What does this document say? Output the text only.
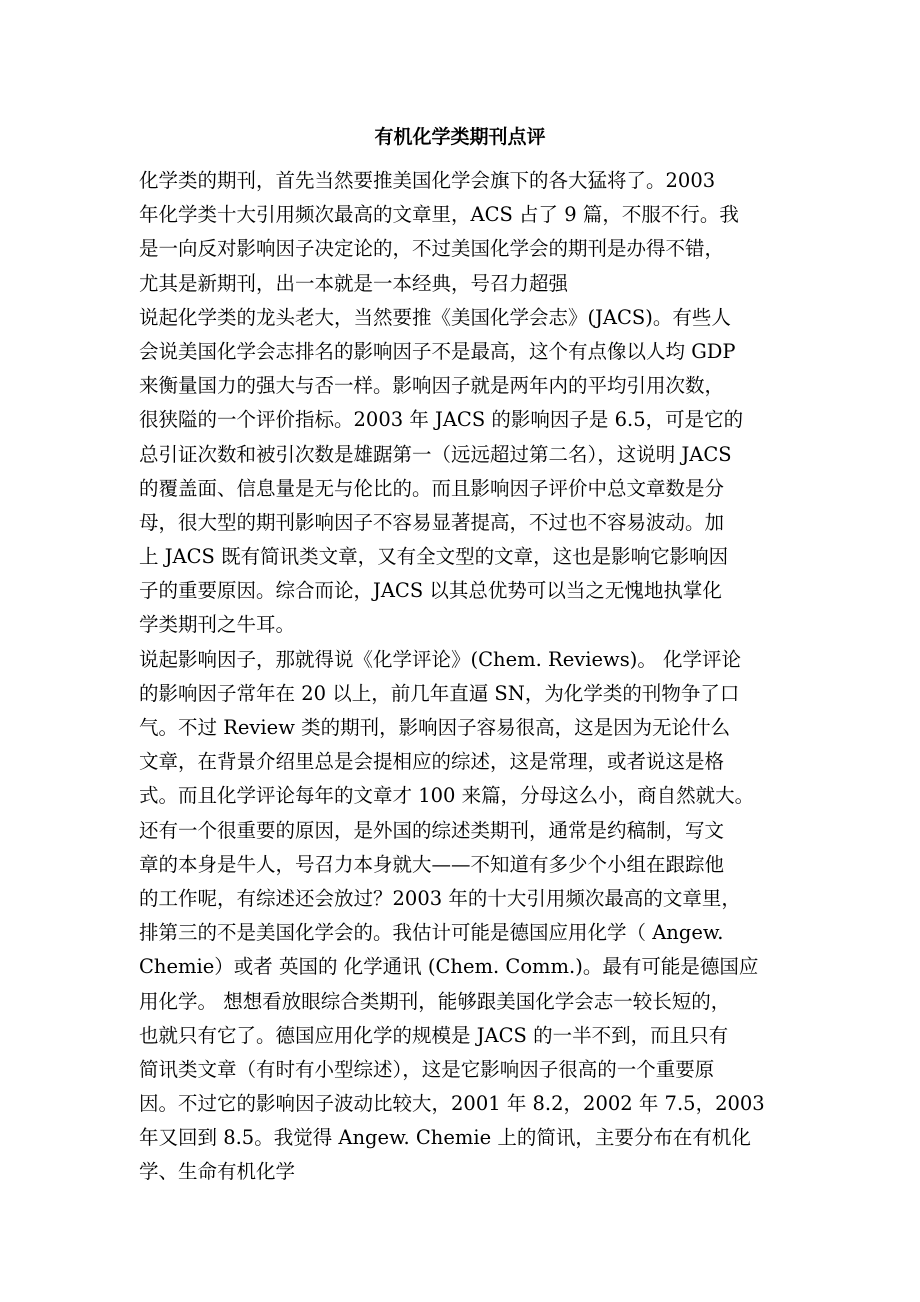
有机化学类期刊点评
化学类的期刊，首先当然要推美国化学会旗下的各大猛将了。2003
年化学类十大引用频次最高的文章里，ACS 占了 9 篇，不服不行。我
是一向反对影响因子决定论的，不过美国化学会的期刊是办得不错，
尤其是新期刊，出一本就是一本经典，号召力超强
说起化学类的龙头老大，当然要推《美国化学会志》(JACS)。有些人
会说美国化学会志排名的影响因子不是最高，这个有点像以人均 GDP
来衡量国力的强大与否一样。影响因子就是两年内的平均引用次数，
很狭隘的一个评价指标。2003 年 JACS 的影响因子是 6.5，可是它的
总引证次数和被引次数是雄踞第一（远远超过第二名），这说明 JACS
的覆盖面、信息量是无与伦比的。而且影响因子评价中总文章数是分
母，很大型的期刊影响因子不容易显著提高，不过也不容易波动。加
上 JACS 既有简讯类文章，又有全文型的文章，这也是影响它影响因
子的重要原因。综合而论，JACS 以其总优势可以当之无愧地执掌化
学类期刊之牛耳。
说起影响因子，那就得说《化学评论》(Chem. Reviews)。 化学评论
的影响因子常年在 20 以上，前几年直逼 SN，为化学类的刊物争了口
气。不过 Review 类的期刊，影响因子容易很高，这是因为无论什么
文章，在背景介绍里总是会提相应的综述，这是常理，或者说这是格
式。而且化学评论每年的文章才 100 来篇，分母这么小，商自然就大。
还有一个很重要的原因，是外国的综述类期刊，通常是约稿制，写文
章的本身是牛人，号召力本身就大——不知道有多少个小组在跟踪他
的工作呢，有综述还会放过？2003 年的十大引用频次最高的文章里，
排第三的不是美国化学会的。我估计可能是德国应用化学（ Angew.
Chemie）或者 英国的 化学通讯 (Chem. Comm.)。最有可能是德国应
用化学。 想想看放眼综合类期刊，能够跟美国化学会志一较长短的，
也就只有它了。德国应用化学的规模是 JACS 的一半不到，而且只有
简讯类文章（有时有小型综述），这是它影响因子很高的一个重要原
因。不过它的影响因子波动比较大，2001 年 8.2，2002 年 7.5，2003
年又回到 8.5。我觉得 Angew. Chemie 上的简讯，主要分布在有机化
学、生命有机化学
